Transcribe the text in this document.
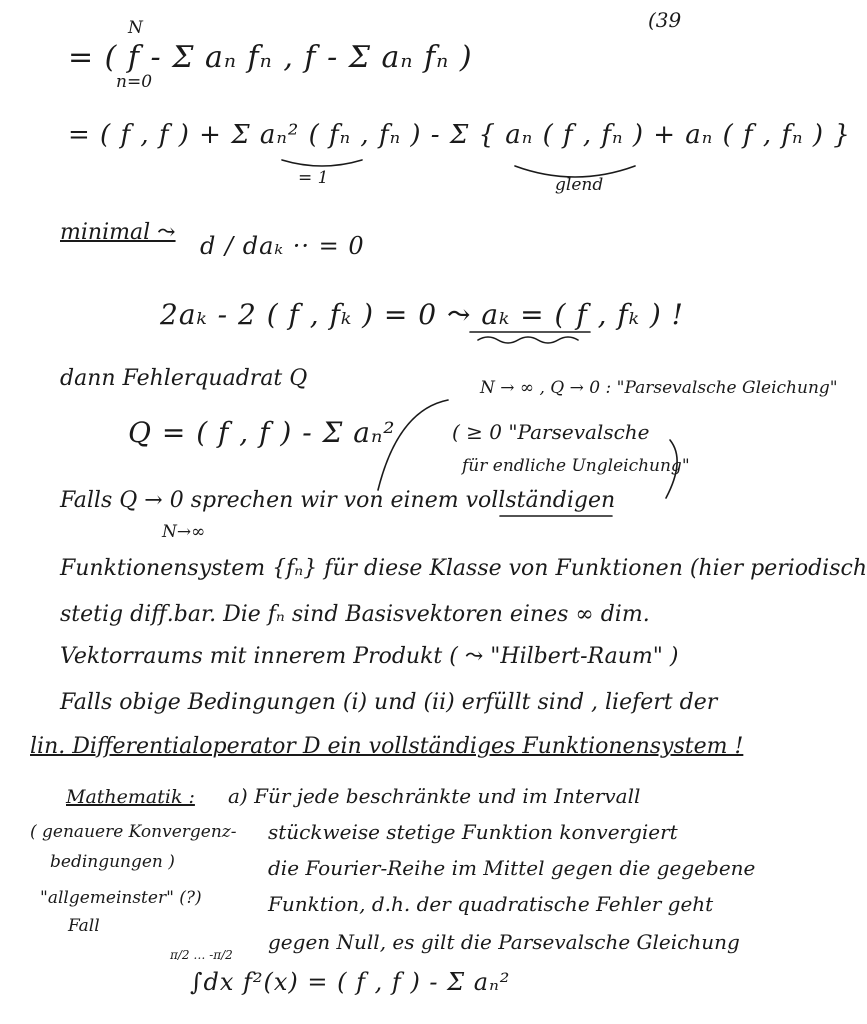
(39
= ( f - Σ aₙ fₙ , f - Σ aₙ fₙ )
N
n=0
= ( f , f ) + Σ aₙ² ( fₙ , fₙ ) - Σ { aₙ ( f , fₙ ) + aₙ ( f , fₙ ) }
= 1	glend
minimal ⤳ d / daₖ ·· = 0
2aₖ - 2 ( f , fₖ ) = 0 ⤳ aₖ = ( f , fₖ ) !
dann Fehlerquadrat Q
Q = ( f , f ) - Σ aₙ²
N → ∞ , Q → 0 : "Parsevalsche Gleichung"
( ≥ 0 "Parsevalsche
für endliche Ungleichung"
Falls Q → 0 sprechen wir von einem vollständigen
N→∞
Funktionensystem {fₙ} für diese Klasse von Funktionen (hier periodisch
stetig diff.bar. Die fₙ sind Basisvektoren eines ∞ dim.
Vektorraums mit innerem Produkt ( ⤳ "Hilbert-Raum" )
Falls obige Bedingungen (i) und (ii) erfüllt sind , liefert der
lin. Differentialoperator D ein vollständiges Funktionensystem !
Mathematik :
( genauere Konvergenz-
bedingungen )
"allgemeinster" (?)
Fall
a) Für jede beschränkte und im Intervall
stückweise stetige Funktion konvergiert
die Fourier-Reihe im Mittel gegen die gegebene
Funktion, d.h. der quadratische Fehler geht
gegen Null, es gilt die Parsevalsche Gleichung
∫dx f²(x) = ( f , f ) - Σ aₙ²
π/2 … -π/2
